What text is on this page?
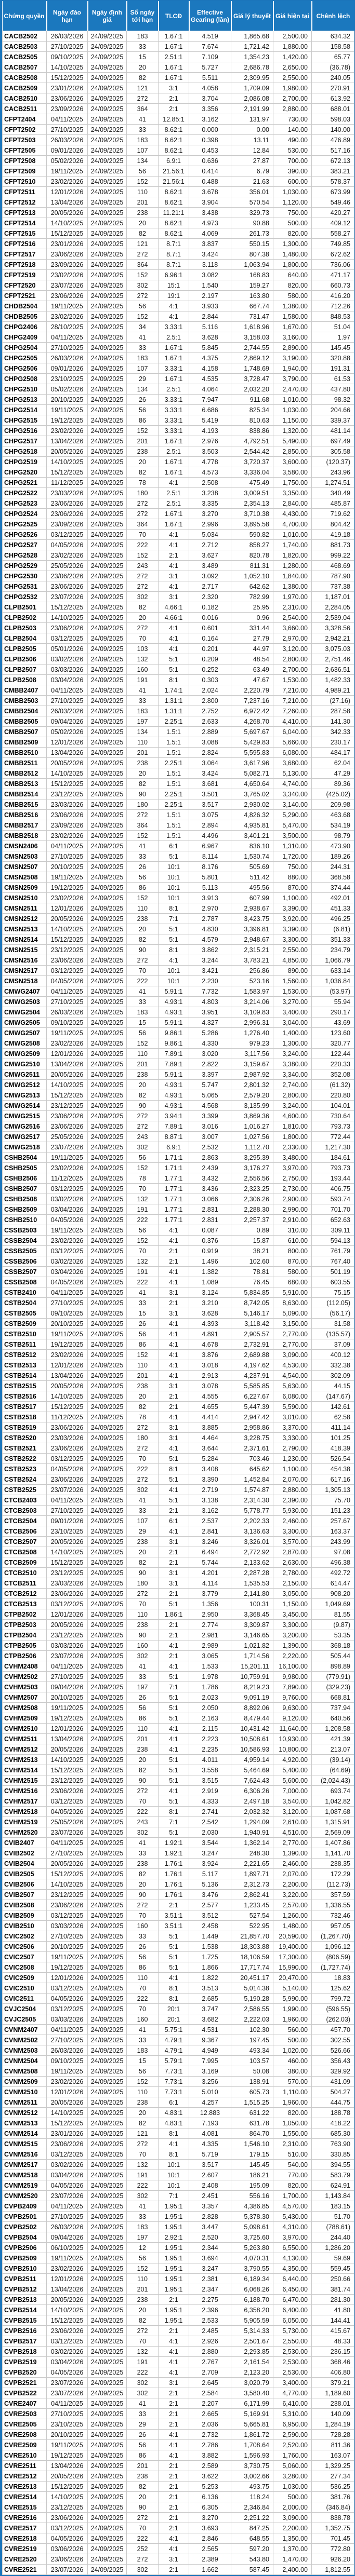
Chứng quyền	Ngày đáo hạn	Ngày định giá	Số ngày tới hạn	TLCĐ	Effective Gearing (lần)	Giá lý thuyết	Giá hiện tại	Chênh lệch
CACB2502	26/03/2026	24/09/2025	183	1.67:1	4.519	1,865.68	2,500.00	634.32
CACB2503	27/10/2025	24/09/2025	33	1.67:1	7.674	1,721.42	1,880.00	158.58
CACB2505	09/10/2025	24/09/2025	15	2.51:1	7.109	1,354.23	1,420.00	65.77
CACB2507	14/10/2025	24/09/2025	20	1.67:1	5.727	2,686.78	2,650.00	(36.78)
CACB2508	15/12/2025	24/09/2025	82	1.67:1	5.511	2,309.95	2,550.00	240.05
CACB2509	23/01/2026	24/09/2025	121	3:1	4.058	1,709.09	1,980.00	270.91
CACB2510	23/06/2026	24/09/2025	272	2:1	3.704	2,086.08	2,700.00	613.92
CACB2511	23/09/2026	24/09/2025	364	2:1	3.356	2,191.99	2,880.00	688.01
CFPT2404	04/11/2025	24/09/2025	41	12.85:1	3.162	131.97	730.00	598.03
CFPT2502	27/10/2025	24/09/2025	33	8.62:1	0.000	0.00	140.00	140.00
CFPT2503	26/03/2026	24/09/2025	183	8.62:1	0.398	13.11	490.00	476.89
CFPT2505	09/01/2026	24/09/2025	107	8.62:1	0.453	12.84	530.00	517.16
CFPT2508	05/02/2026	24/09/2025	134	6.9:1	0.636	27.87	700.00	672.13
CFPT2509	19/11/2025	24/09/2025	56	21.56:1	0.414	6.79	390.00	383.21
CFPT2510	23/02/2026	24/09/2025	152	21.56:1	0.488	21.63	600.00	578.37
CFPT2511	12/01/2026	24/09/2025	110	8.62:1	3.678	356.01	1,030.00	673.99
CFPT2512	13/04/2026	24/09/2025	201	8.62:1	3.904	570.54	1,120.00	549.46
CFPT2513	20/05/2026	24/09/2025	238	11.21:1	3.438	329.73	750.00	420.27
CFPT2514	14/10/2025	24/09/2025	20	8.62:1	4.973	90.88	500.00	409.12
CFPT2515	15/12/2025	24/09/2025	82	8.62:1	4.069	261.73	820.00	558.27
CFPT2516	23/01/2026	24/09/2025	121	8.7:1	3.837	550.15	1,300.00	749.85
CFPT2517	23/06/2026	24/09/2025	272	8.7:1	3.424	807.38	1,480.00	672.62
CFPT2518	23/09/2026	24/09/2025	364	8.7:1	3.118	1,063.94	1,800.00	736.06
CFPT2519	23/02/2026	24/09/2025	152	6.96:1	3.082	168.83	640.00	471.17
CFPT2520	23/07/2026	24/09/2025	302	15:1	1.540	159.27	820.00	660.73
CFPT2521	23/06/2026	24/09/2025	272	19:1	2.197	163.80	580.00	416.20
CHDB2504	19/11/2025	24/09/2025	56	4:1	3.933	667.74	1,380.00	712.26
CHDB2505	23/02/2026	24/09/2025	152	4:1	2.844	731.47	1,580.00	848.53
CHPG2406	28/10/2025	24/09/2025	34	3.33:1	5.116	1,618.96	1,670.00	51.04
CHPG2409	04/11/2025	24/09/2025	41	2.5:1	3.628	3,158.03	3,160.00	1.97
CHPG2504	27/10/2025	24/09/2025	33	1.67:1	5.845	2,744.55	2,890.00	145.45
CHPG2505	26/03/2026	24/09/2025	183	1.67:1	4.375	2,869.12	3,190.00	320.88
CHPG2506	09/01/2026	24/09/2025	107	3.33:1	4.158	1,748.69	1,940.00	191.31
CHPG2508	23/10/2025	24/09/2025	29	1.67:1	4.535	3,728.47	3,790.00	61.53
CHPG2510	05/02/2026	24/09/2025	134	2.5:1	4.064	2,032.20	2,470.00	437.80
CHPG2513	20/10/2025	24/09/2025	26	3.33:1	7.947	911.68	1,010.00	98.32
CHPG2514	19/11/2025	24/09/2025	56	3.33:1	6.686	825.34	1,030.00	204.66
CHPG2515	19/12/2025	24/09/2025	86	3.33:1	5.419	810.63	1,150.00	339.37
CHPG2516	23/02/2026	24/09/2025	152	3.33:1	4.193	838.86	1,320.00	481.14
CHPG2517	13/04/2026	24/09/2025	201	1.67:1	2.976	4,792.51	5,490.00	697.49
CHPG2518	20/05/2026	24/09/2025	238	2.5:1	3.503	2,544.42	2,850.00	305.58
CHPG2519	14/10/2025	24/09/2025	20	1.67:1	4.778	3,720.37	3,600.00	(120.37)
CHPG2520	15/12/2025	24/09/2025	82	1.67:1	4.573	3,336.04	3,580.00	243.96
CHPG2521	11/12/2025	24/09/2025	78	4:1	2.508	475.49	1,750.00	1,274.51
CHPG2522	23/03/2026	24/09/2025	180	2.5:1	3.238	3,009.51	3,350.00	340.49
CHPG2523	23/06/2026	24/09/2025	272	2.5:1	3.335	2,354.13	2,840.00	485.87
CHPG2524	23/06/2026	24/09/2025	272	1.67:1	3.270	3,710.38	4,430.00	719.62
CHPG2525	23/09/2026	24/09/2025	364	1.67:1	2.996	3,895.58	4,700.00	804.42
CHPG2526	03/12/2025	24/09/2025	70	4:1	5.034	590.82	1,010.00	419.18
CHPG2527	04/05/2026	24/09/2025	222	4:1	2.712	858.27	1,740.00	881.73
CHPG2528	23/02/2026	24/09/2025	152	2:1	3.627	820.78	1,820.00	999.22
CHPG2529	25/05/2026	24/09/2025	243	4:1	3.489	811.31	1,280.00	468.69
CHPG2530	23/06/2026	24/09/2025	272	3:1	3.092	1,052.10	1,840.00	787.90
CHPG2531	23/06/2026	24/09/2025	272	4:1	2.717	642.62	1,380.00	737.38
CHPG2532	23/07/2026	24/09/2025	302	3:1	2.320	782.99	1,970.00	1,187.01
CLPB2501	15/12/2025	24/09/2025	82	4.66:1	0.182	25.95	2,310.00	2,284.05
CLPB2502	14/10/2025	24/09/2025	20	4.66:1	0.016	0.96	2,540.00	2,539.04
CLPB2503	23/06/2026	24/09/2025	272	4:1	0.601	331.44	3,660.00	3,328.56
CLPB2504	03/12/2025	24/09/2025	70	4:1	0.164	27.79	2,970.00	2,942.21
CLPB2505	05/01/2026	24/09/2025	103	4:1	0.201	44.97	3,120.00	3,075.03
CLPB2506	03/02/2026	24/09/2025	132	5:1	0.209	48.54	2,800.00	2,751.46
CLPB2507	03/03/2026	24/09/2025	160	5:1	0.252	63.49	2,700.00	2,636.51
CLPB2508	03/04/2026	24/09/2025	191	8:1	0.303	47.67	1,530.00	1,482.33
CMBB2407	04/11/2025	24/09/2025	41	1.74:1	2.024	2,220.79	7,210.00	4,989.21
CMBB2503	27/10/2025	24/09/2025	33	1.31:1	2.800	7,237.16	7,210.00	(27.16)
CMBB2504	26/03/2026	24/09/2025	183	1.31:1	2.752	6,972.42	7,260.00	287.58
CMBB2505	09/04/2026	24/09/2025	197	2.25:1	2.633	4,268.70	4,410.00	141.30
CMBB2507	05/02/2026	24/09/2025	134	1.5:1	2.889	5,697.67	6,040.00	342.33
CMBB2509	12/01/2026	24/09/2025	110	1.5:1	3.088	5,429.83	5,660.00	230.17
CMBB2510	13/04/2026	24/09/2025	201	1.5:1	2.824	5,595.83	6,080.00	484.17
CMBB2511	20/05/2026	24/09/2025	238	2.25:1	3.064	3,617.96	3,680.00	62.04
CMBB2512	14/10/2025	24/09/2025	20	1.5:1	3.424	5,082.71	5,130.00	47.29
CMBB2513	15/12/2025	24/09/2025	82	1.5:1	3.681	4,650.64	4,740.00	89.36
CMBB2514	23/12/2025	24/09/2025	90	2.25:1	3.501	3,765.02	3,340.00	(425.02)
CMBB2515	23/03/2026	24/09/2025	180	2.25:1	3.517	2,930.02	3,140.00	209.98
CMBB2516	23/06/2026	24/09/2025	272	1.5:1	3.075	4,826.32	5,290.00	463.68
CMBB2517	23/09/2026	24/09/2025	364	1.5:1	2.894	4,935.81	5,470.00	534.19
CMBB2518	23/02/2026	24/09/2025	152	1.5:1	4.496	3,401.21	3,500.00	98.79
CMSN2406	04/11/2025	24/09/2025	41	6:1	6.967	836.10	1,310.00	473.90
CMSN2503	27/10/2025	24/09/2025	33	5:1	8.114	1,530.74	1,720.00	189.26
CMSN2507	20/10/2025	24/09/2025	26	10:1	8.176	505.69	750.00	244.31
CMSN2508	19/11/2025	24/09/2025	56	10:1	5.801	511.42	880.00	368.58
CMSN2509	19/12/2025	24/09/2025	86	10:1	5.113	495.56	870.00	374.44
CMSN2510	23/02/2026	24/09/2025	152	10:1	3.913	607.99	1,100.00	492.01
CMSN2511	12/01/2026	24/09/2025	110	8:1	2.970	2,938.67	3,390.00	451.33
CMSN2512	20/05/2026	24/09/2025	238	7:1	2.787	3,423.75	3,920.00	496.25
CMSN2513	14/10/2025	24/09/2025	20	5:1	4.830	3,396.81	3,390.00	(6.81)
CMSN2514	15/12/2025	24/09/2025	82	5:1	4.579	2,948.67	3,300.00	351.33
CMSN2515	23/12/2025	24/09/2025	90	8:1	3.862	2,315.21	2,550.00	234.79
CMSN2516	23/06/2026	24/09/2025	272	4:1	3.244	3,783.21	4,850.00	1,066.79
CMSN2517	03/12/2025	24/09/2025	70	10:1	3.421	256.86	890.00	633.14
CMSN2518	04/05/2026	24/09/2025	222	10:1	2.230	523.16	1,560.00	1,036.84
CMWG2407	04/11/2025	24/09/2025	41	5.91:1	7.732	1,583.97	1,530.00	(53.97)
CMWG2503	27/10/2025	24/09/2025	33	4.93:1	4.803	3,214.06	3,270.00	55.94
CMWG2504	26/03/2026	24/09/2025	183	4.93:1	3.951	3,109.83	3,400.00	290.17
CMWG2505	09/10/2025	24/09/2025	15	5.91:1	4.327	2,996.31	3,040.00	43.69
CMWG2507	19/11/2025	24/09/2025	56	9.86:1	5.286	1,276.40	1,400.00	123.60
CMWG2508	23/02/2026	24/09/2025	152	9.86:1	4.330	979.23	1,300.00	320.77
CMWG2509	12/01/2026	24/09/2025	110	7.89:1	3.020	3,117.56	3,240.00	122.44
CMWG2510	13/04/2026	24/09/2025	201	7.89:1	2.822	3,159.67	3,380.00	220.33
CMWG2511	20/05/2026	24/09/2025	238	5.91:1	3.397	2,987.92	3,340.00	352.08
CMWG2512	14/10/2025	24/09/2025	20	4.93:1	5.747	2,801.32	2,740.00	(61.32)
CMWG2513	15/12/2025	24/09/2025	82	4.93:1	5.065	2,579.20	2,800.00	220.80
CMWG2514	23/12/2025	24/09/2025	90	4.93:1	4.568	3,135.99	3,240.00	104.01
CMWG2515	23/06/2026	24/09/2025	272	3.94:1	3.399	3,869.36	4,600.00	730.64
CMWG2516	23/06/2026	24/09/2025	272	7.89:1	3.016	1,016.27	1,810.00	793.73
CMWG2517	25/05/2026	24/09/2025	243	8.87:1	3.007	1,027.56	1,800.00	772.44
CMWG2518	23/07/2026	24/09/2025	302	6.9:1	2.532	1,112.70	2,330.00	1,217.30
CSHB2504	19/11/2025	24/09/2025	56	1.71:1	2.863	3,295.39	3,480.00	184.61
CSHB2505	23/02/2026	24/09/2025	152	1.71:1	2.439	3,176.27	3,970.00	793.73
CSHB2506	11/12/2025	24/09/2025	78	1.77:1	3.432	2,556.56	2,750.00	193.44
CSHB2507	03/12/2025	24/09/2025	70	1.77:1	3.436	2,323.25	2,730.00	406.75
CSHB2508	03/02/2026	24/09/2025	132	1.77:1	3.066	2,306.26	2,900.00	593.74
CSHB2509	03/04/2026	24/09/2025	191	1.77:1	2.831	2,288.30	2,990.00	701.70
CSHB2510	04/05/2026	24/09/2025	222	1.77:1	2.831	2,257.37	2,910.00	652.63
CSSB2503	19/11/2025	24/09/2025	56	4:1	0.087	0.89	310.00	309.11
CSSB2504	23/02/2026	24/09/2025	152	4:1	0.376	15.87	610.00	594.13
CSSB2505	03/12/2025	24/09/2025	70	2:1	0.919	38.21	800.00	761.79
CSSB2506	03/02/2026	24/09/2025	132	2:1	1.496	102.60	870.00	767.40
CSSB2507	03/04/2026	24/09/2025	191	4:1	1.382	78.81	580.00	501.19
CSSB2508	04/05/2026	24/09/2025	222	4:1	1.089	76.45	680.00	603.55
CSTB2410	04/11/2025	24/09/2025	41	3:1	3.124	5,834.85	5,910.00	75.15
CSTB2504	27/10/2025	24/09/2025	33	2:1	3.210	8,742.05	8,630.00	(112.05)
CSTB2505	09/10/2025	24/09/2025	15	3:1	3.628	5,146.17	5,090.00	(56.17)
CSTB2509	20/10/2025	24/09/2025	26	4:1	4.393	3,118.42	3,150.00	31.58
CSTB2510	19/11/2025	24/09/2025	56	4:1	4.891	2,905.57	2,770.00	(135.57)
CSTB2511	19/12/2025	24/09/2025	86	4:1	4.678	2,732.91	2,770.00	37.09
CSTB2512	23/02/2026	24/09/2025	152	4:1	3.876	2,689.88	3,090.00	400.12
CSTB2513	12/01/2026	24/09/2025	110	4:1	3.018	4,197.62	4,530.00	332.38
CSTB2514	13/04/2026	24/09/2025	201	4:1	2.913	4,237.91	4,540.00	302.09
CSTB2515	20/05/2026	24/09/2025	238	3:1	3.078	5,585.85	5,630.00	44.15
CSTB2516	14/10/2025	24/09/2025	20	2:1	4.555	6,227.67	6,080.00	(147.67)
CSTB2517	15/12/2025	24/09/2025	82	2:1	4.655	5,447.39	5,590.00	142.61
CSTB2518	11/12/2025	24/09/2025	78	4:1	4.414	2,947.42	3,010.00	62.58
CSTB2519	23/06/2026	24/09/2025	272	3:1	3.885	2,958.86	3,370.00	411.14
CSTB2520	23/03/2026	24/09/2025	180	3:1	4.464	3,228.75	3,330.00	101.25
CSTB2521	23/06/2026	24/09/2025	272	4:1	3.644	2,371.61	2,790.00	418.39
CSTB2522	03/12/2025	24/09/2025	70	5:1	5.284	703.46	1,230.00	526.54
CSTB2523	04/05/2026	24/09/2025	222	8:1	3.408	645.62	1,100.00	454.38
CSTB2524	23/06/2026	24/09/2025	272	5:1	3.390	1,452.84	2,070.00	617.16
CSTB2525	23/07/2026	24/09/2025	302	4:1	2.719	1,574.87	2,880.00	1,305.13
CTCB2403	04/11/2025	24/09/2025	41	5:1	3.138	2,314.30	2,390.00	75.70
CTCB2503	27/10/2025	24/09/2025	33	2:1	3.162	5,778.77	5,930.00	151.23
CTCB2504	09/01/2026	24/09/2025	107	6:1	2.537	2,202.33	2,460.00	257.67
CTCB2506	23/10/2025	24/09/2025	29	4:1	2.841	3,136.63	3,300.00	163.37
CTCB2507	20/05/2026	24/09/2025	238	3:1	3.246	3,326.01	3,570.00	243.99
CTCB2508	14/10/2025	24/09/2025	20	2:1	6.494	2,772.92	2,870.00	97.08
CTCB2509	15/12/2025	24/09/2025	82	2:1	5.744	2,133.62	2,630.00	496.38
CTCB2510	23/12/2025	24/09/2025	90	3:1	4.201	2,287.28	2,780.00	492.72
CTCB2511	23/03/2026	24/09/2025	180	3:1	4.114	1,535.53	2,150.00	614.47
CTCB2512	23/06/2026	24/09/2025	272	2:1	3.779	2,141.80	3,050.00	908.20
CTCB2513	03/12/2025	24/09/2025	70	5:1	1.356	100.31	1,150.00	1,049.69
CTPB2502	12/01/2026	24/09/2025	110	1.86:1	2.950	3,368.45	3,450.00	81.55
CTPB2503	20/05/2026	24/09/2025	238	2:1	2.774	3,309.87	3,300.00	(9.87)
CTPB2504	23/12/2025	24/09/2025	90	2:1	2.981	3,146.65	3,200.00	53.35
CTPB2505	03/03/2026	24/09/2025	160	4:1	2.989	1,021.82	1,390.00	368.18
CTPB2506	23/07/2026	24/09/2025	302	2:1	3.065	1,714.56	2,220.00	505.44
CVHM2408	04/11/2025	24/09/2025	41	4:1	1.533	15,201.11	16,100.00	898.89
CVHM2502	27/10/2025	24/09/2025	33	5:1	1.978	10,759.91	9,980.00	(779.91)
CVHM2503	09/04/2026	24/09/2025	197	7:1	1.786	8,219.23	7,890.00	(329.23)
CVHM2507	20/10/2025	24/09/2025	26	5:1	2.023	9,091.19	9,760.00	668.81
CVHM2508	19/11/2025	24/09/2025	56	5:1	2.050	8,892.06	9,630.00	737.94
CVHM2509	19/12/2025	24/09/2025	86	5:1	2.163	8,479.44	9,120.00	640.56
CVHM2510	12/01/2026	24/09/2025	110	4:1	2.115	10,431.42	11,640.00	1,208.58
CVHM2511	13/04/2026	24/09/2025	201	4:1	2.223	10,508.61	10,930.00	421.39
CVHM2512	20/05/2026	24/09/2025	238	4:1	2.235	10,586.93	10,800.00	213.07
CVHM2513	14/10/2025	24/09/2025	20	5:1	4.011	4,959.14	4,920.00	(39.14)
CVHM2514	15/12/2025	24/09/2025	82	5:1	3.558	5,464.69	5,400.00	(64.69)
CVHM2515	23/12/2025	24/09/2025	90	5:1	3.515	7,624.43	5,600.00	(2,024.43)
CVHM2516	23/06/2026	24/09/2025	272	4:1	2.919	6,306.26	7,000.00	693.74
CVHM2517	03/12/2025	24/09/2025	70	5:1	4.333	2,497.18	3,540.00	1,042.82
CVHM2518	04/05/2026	24/09/2025	222	8:1	2.741	2,032.32	3,120.00	1,087.68
CVHM2519	25/05/2026	24/09/2025	243	7:1	2.542	1,294.09	2,610.00	1,315.91
CVHM2520	23/07/2026	24/09/2025	302	5:1	2.030	1,940.91	4,510.00	2,569.09
CVIB2407	04/11/2025	24/09/2025	41	1.92:1	3.544	1,362.14	2,770.00	1,407.86
CVIB2502	27/10/2025	24/09/2025	33	1.92:1	3.247	248.30	1,390.00	1,141.70
CVIB2504	20/05/2026	24/09/2025	238	1.76:1	3.924	2,221.65	2,460.00	238.35
CVIB2505	15/12/2025	24/09/2025	82	1.76:1	5.117	1,897.71	2,070.00	172.29
CVIB2506	14/10/2025	24/09/2025	20	1.76:1	5.136	2,312.73	2,200.00	(112.73)
CVIB2507	23/12/2025	24/09/2025	90	1.76:1	3.476	2,862.41	3,220.00	357.59
CVIB2508	23/06/2026	24/09/2025	272	2:1	2.577	1,233.45	2,570.00	1,336.55
CVIB2509	03/12/2025	24/09/2025	70	3.51:1	3.512	527.54	1,260.00	732.46
CVIB2510	03/03/2026	24/09/2025	160	3.51:1	2.458	522.95	1,480.00	957.05
CVIC2502	27/10/2025	24/09/2025	33	5:1	1.449	21,857.70	20,590.00	(1,267.70)
CVIC2506	20/10/2025	24/09/2025	26	5:1	1.538	18,303.88	19,400.00	1,096.12
CVIC2507	19/11/2025	24/09/2025	56	5:1	1.725	18,106.59	17,300.00	(806.59)
CVIC2508	19/12/2025	24/09/2025	86	5:1	1.866	17,717.74	15,990.00	(1,727.74)
CVIC2509	12/01/2026	24/09/2025	110	4:1	1.822	20,451.17	20,470.00	18.83
CVIC2510	03/12/2025	24/09/2025	70	8:1	3.513	5,014.38	5,140.00	125.62
CVIC2511	04/05/2026	24/09/2025	222	8:1	2.685	5,190.28	5,990.00	799.72
CVJC2504	03/12/2025	24/09/2025	70	20:1	3.747	2,586.55	1,990.00	(596.55)
CVJC2505	03/03/2026	24/09/2025	160	20:1	3.682	2,222.03	1,960.00	(262.03)
CVNM2407	04/11/2025	24/09/2025	41	5.75:1	4.531	102.30	560.00	457.70
CVNM2502	27/10/2025	24/09/2025	33	4.79:1	9.367	197.45	500.00	302.55
CVNM2503	26/03/2026	24/09/2025	183	4.79:1	4.949	493.34	1,020.00	526.66
CVNM2504	09/10/2025	24/09/2025	15	5.79:1	7.995	103.57	460.00	356.43
CVNM2508	19/11/2025	24/09/2025	56	7.73:1	3.169	50.08	380.00	329.92
CVNM2509	23/02/2026	24/09/2025	152	7.73:1	3.256	138.91	570.00	431.09
CVNM2510	12/01/2026	24/09/2025	110	7.73:1	5.010	605.73	1,110.00	504.27
CVNM2511	20/05/2026	24/09/2025	238	6:1	4.257	1,515.25	1,960.00	444.75
CVNM2512	14/10/2025	24/09/2025	20	4.83:1	12.883	631.22	820.00	188.78
CVNM2513	15/12/2025	24/09/2025	82	4.83:1	7.193	631.78	1,050.00	418.22
CVNM2514	23/01/2026	24/09/2025	121	8:1	4.081	864.70	1,550.00	685.30
CVNM2515	23/06/2026	24/09/2025	272	4:1	4.335	1,546.10	2,310.00	763.90
CVNM2516	03/12/2025	24/09/2025	70	8:1	5.719	179.15	510.00	330.85
CVNM2517	03/02/2026	24/09/2025	132	10:1	3.517	145.45	540.00	394.55
CVNM2518	03/04/2026	24/09/2025	191	10:1	2.607	186.21	770.00	583.79
CVNM2519	04/05/2026	24/09/2025	222	10:1	2.408	195.09	820.00	624.91
CVNM2520	23/07/2026	24/09/2025	302	7:1	2.451	556.16	1,700.00	1,143.84
CVPB2409	04/11/2025	24/09/2025	41	1.95:1	3.357	4,386.85	4,570.00	183.15
CVPB2501	27/10/2025	24/09/2025	33	1.95:1	2.828	5,378.30	5,430.00	51.70
CVPB2502	26/03/2026	24/09/2025	183	1.95:1	3.447	5,098.61	4,310.00	(788.61)
CVPB2504	09/04/2026	24/09/2025	197	2.92:1	2.520	3,725.60	3,970.00	244.40
CVPB2506	06/10/2025	24/09/2025	12	1.95:1	2.344	5,263.80	6,550.00	1,286.20
CVPB2509	19/11/2025	24/09/2025	56	1.95:1	3.694	4,070.31	4,130.00	59.69
CVPB2510	23/02/2026	24/09/2025	152	1.95:1	3.247	3,790.55	4,350.00	559.45
CVPB2511	12/01/2026	24/09/2025	110	1.95:1	2.381	6,189.34	6,440.00	250.66
CVPB2512	13/04/2026	24/09/2025	201	1.95:1	2.347	6,068.26	6,450.00	381.74
CVPB2513	20/05/2026	24/09/2025	238	2:1	2.275	6,188.70	6,470.00	281.30
CVPB2514	14/10/2025	24/09/2025	20	1.95:1	2.396	6,358.20	6,400.00	41.80
CVPB2515	15/12/2025	24/09/2025	82	1.95:1	2.533	5,905.59	6,050.00	144.41
CVPB2516	23/06/2026	24/09/2025	272	2:1	2.485	5,314.33	5,730.00	415.67
CVPB2517	03/12/2025	24/09/2025	70	4:1	2.926	2,501.67	2,550.00	48.33
CVPB2518	03/02/2026	24/09/2025	132	4:1	2.880	2,293.85	2,530.00	236.15
CVPB2519	03/04/2026	24/09/2025	191	4:1	2.767	2,161.54	2,530.00	368.46
CVPB2520	04/05/2026	24/09/2025	222	4:1	2.709	2,123.20	2,530.00	406.80
CVPB2521	23/07/2026	24/09/2025	302	3:1	2.645	3,020.79	3,400.00	379.21
CVPB2522	23/07/2026	24/09/2025	302	2:1	2.584	3,580.40	4,770.00	1,189.60
CVRE2407	04/11/2025	24/09/2025	41	2:1	2.207	6,171.99	6,410.00	238.01
CVRE2503	27/10/2025	24/09/2025	33	2:1	2.665	5,169.91	5,310.00	140.09
CVRE2505	23/10/2025	24/09/2025	29	2:1	2.036	5,665.81	6,950.00	1,284.19
CVRE2508	20/10/2025	24/09/2025	26	4:1	2.732	1,861.72	2,590.00	728.28
CVRE2509	19/11/2025	24/09/2025	56	4:1	2.786	1,708.64	2,520.00	811.36
CVRE2510	19/12/2025	24/09/2025	86	4:1	3.882	1,596.93	1,760.00	163.07
CVRE2511	13/04/2026	24/09/2025	201	2:1	2.589	3,730.75	5,060.00	1,329.25
CVRE2512	20/05/2026	24/09/2025	238	2:1	3.622	3,002.66	3,280.00	277.34
CVRE2513	15/12/2025	24/09/2025	82	2:1	5.253	493.75	1,030.00	536.25
CVRE2514	14/10/2025	24/09/2025	20	2:1	6.136	118.24	500.00	381.76
CVRE2515	23/12/2025	24/09/2025	90	2:1	6.305	2,346.84	2,000.00	(346.84)
CVRE2516	23/06/2026	24/09/2025	272	2:1	3.270	2,251.22	3,090.00	838.78
CVRE2517	03/12/2025	24/09/2025	70	2:1	3.693	847.25	2,200.00	1,352.75
CVRE2518	04/05/2026	24/09/2025	222	4:1	2.846	648.55	1,350.00	701.45
CVRE2519	03/06/2026	24/09/2025	252	4:1	2.565	597.20	1,370.00	772.80
CVRE2520	23/06/2026	24/09/2025	272	3:1	2.389	543.80	1,470.00	926.20
CVRE2521	23/07/2026	24/09/2025	302	2:1	1.662	587.45	2,400.00	1,812.55
